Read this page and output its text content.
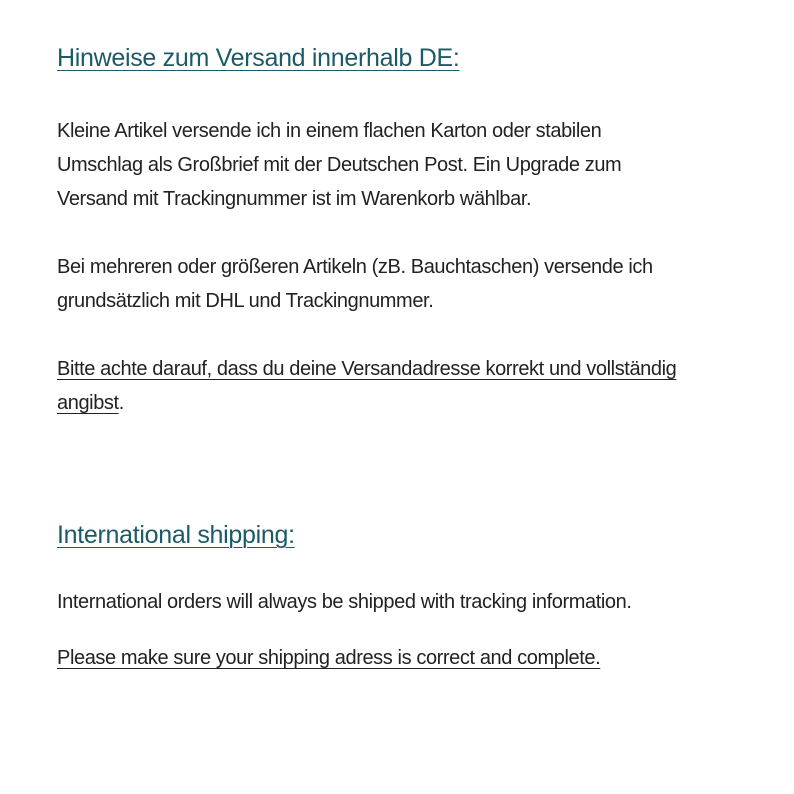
Hinweise zum Versand innerhalb DE:

Kleine Artikel versende ich in einem flachen Karton oder stabilen
Umschlag als Großbrief mit der Deutschen Post. Ein Upgrade zum
Versand mit Trackingnummer ist im Warenkorb wählbar.

Bei mehreren oder größeren Artikeln (zB. Bauchtaschen) versende ich
grundsätzlich mit DHL und Trackingnummer.

Bitte achte darauf, dass du deine Versandadresse korrekt und vollständig
angibst.

International shipping:

International orders will always be shipped with tracking information.

Please make sure your shipping adress is correct and complete.
